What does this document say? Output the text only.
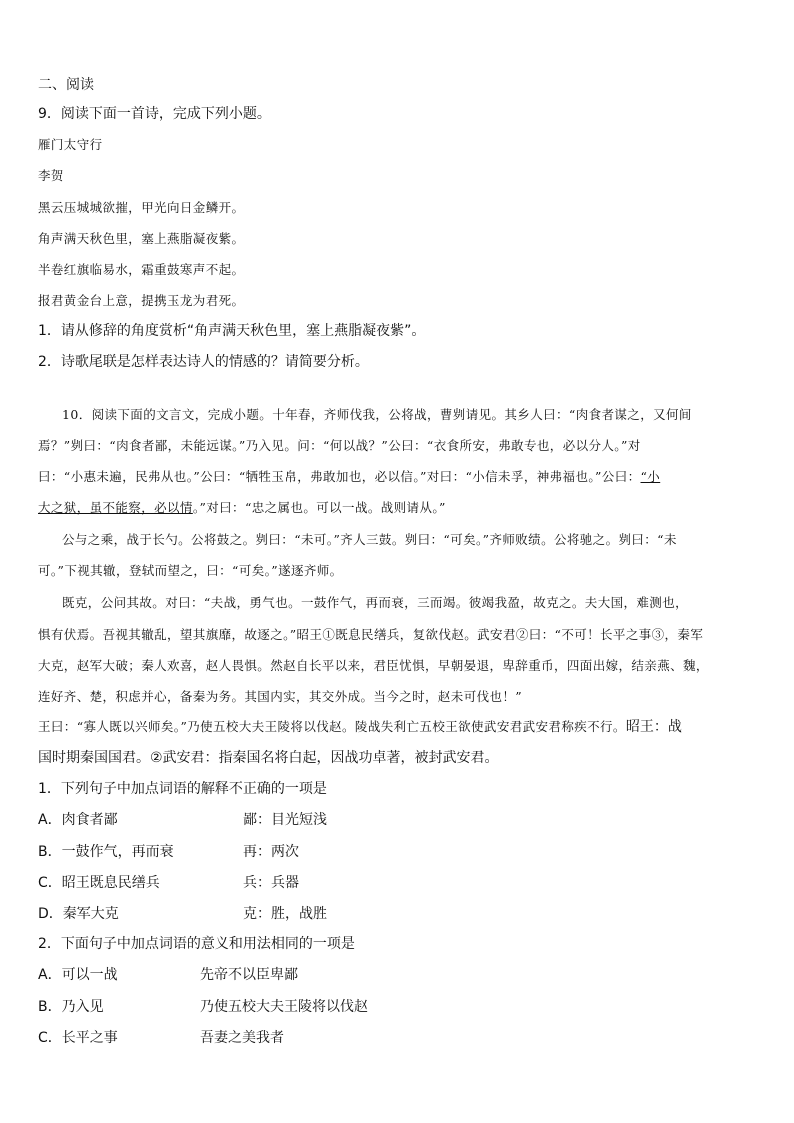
二、阅读
9．阅读下面一首诗，完成下列小题。
雁门太守行
李贺
黑云压城城欲摧，甲光向日金鳞开。
角声满天秋色里，塞上燕脂凝夜紫。
半卷红旗临易水，霜重鼓寒声不起。
报君黄金台上意，提携玉龙为君死。
1．请从修辞的角度赏析“角声满天秋色里，塞上燕脂凝夜紫”。
2．诗歌尾联是怎样表达诗人的情感的？请简要分析。
10．阅读下面的文言文，完成小题。十年春，齐师伐我，公将战，曹刿请见。其乡人曰：“肉食者谋之，又何间
焉？”刿曰：“肉食者鄙，未能远谋。”乃入见。问：“何以战？”公曰：“衣食所安，弗敢专也，必以分人。”对
曰：“小惠未遍，民弗从也。”公曰：“牺牲玉帛，弗敢加也，必以信。”对曰：“小信未孚，神弗福也。”公曰：“小
大之狱，虽不能察，必以情。”对曰：“忠之属也。可以一战。战则请从。”
公与之乘，战于长勺。公将鼓之。刿曰：“未可。”齐人三鼓。刿曰：“可矣。”齐师败绩。公将驰之。刿曰：“未
可。”下视其辙，登轼而望之，曰：“可矣。”遂逐齐师。
既克，公问其故。对曰：“夫战，勇气也。一鼓作气，再而衰，三而竭。彼竭我盈，故克之。夫大国，难测也，
惧有伏焉。吾视其辙乱，望其旗靡，故逐之。”昭王①既息民缮兵，复欲伐赵。武安君②曰：“不可！长平之事③，秦军
大克，赵军大破；秦人欢喜，赵人畏惧。然赵自长平以来，君臣忧惧，早朝晏退，卑辞重币，四面出嫁，结亲燕、魏，
连好齐、楚，积虑并心，备秦为务。其国内实，其交外成。当今之时，赵未可伐也！”
王曰：“寡人既以兴师矣。”乃使五校大夫王陵将以伐赵。陵战失利亡五校王欲使武安君武安君称疾不行。昭王：战
国时期秦国国君。②武安君：指秦国名将白起，因战功卓著，被封武安君。
1．下列句子中加点词语的解释不正确的一项是
A．肉食者鄙	鄙：目光短浅
B．一鼓作气，再而衰	再：两次
C．昭王既息民缮兵	兵：兵器
D．秦军大克	克：胜，战胜
2．下面句子中加点词语的意义和用法相同的一项是
A．可以一战	先帝不以臣卑鄙
B．乃入见	乃使五校大夫王陵将以伐赵
C．长平之事	吾妻之美我者
